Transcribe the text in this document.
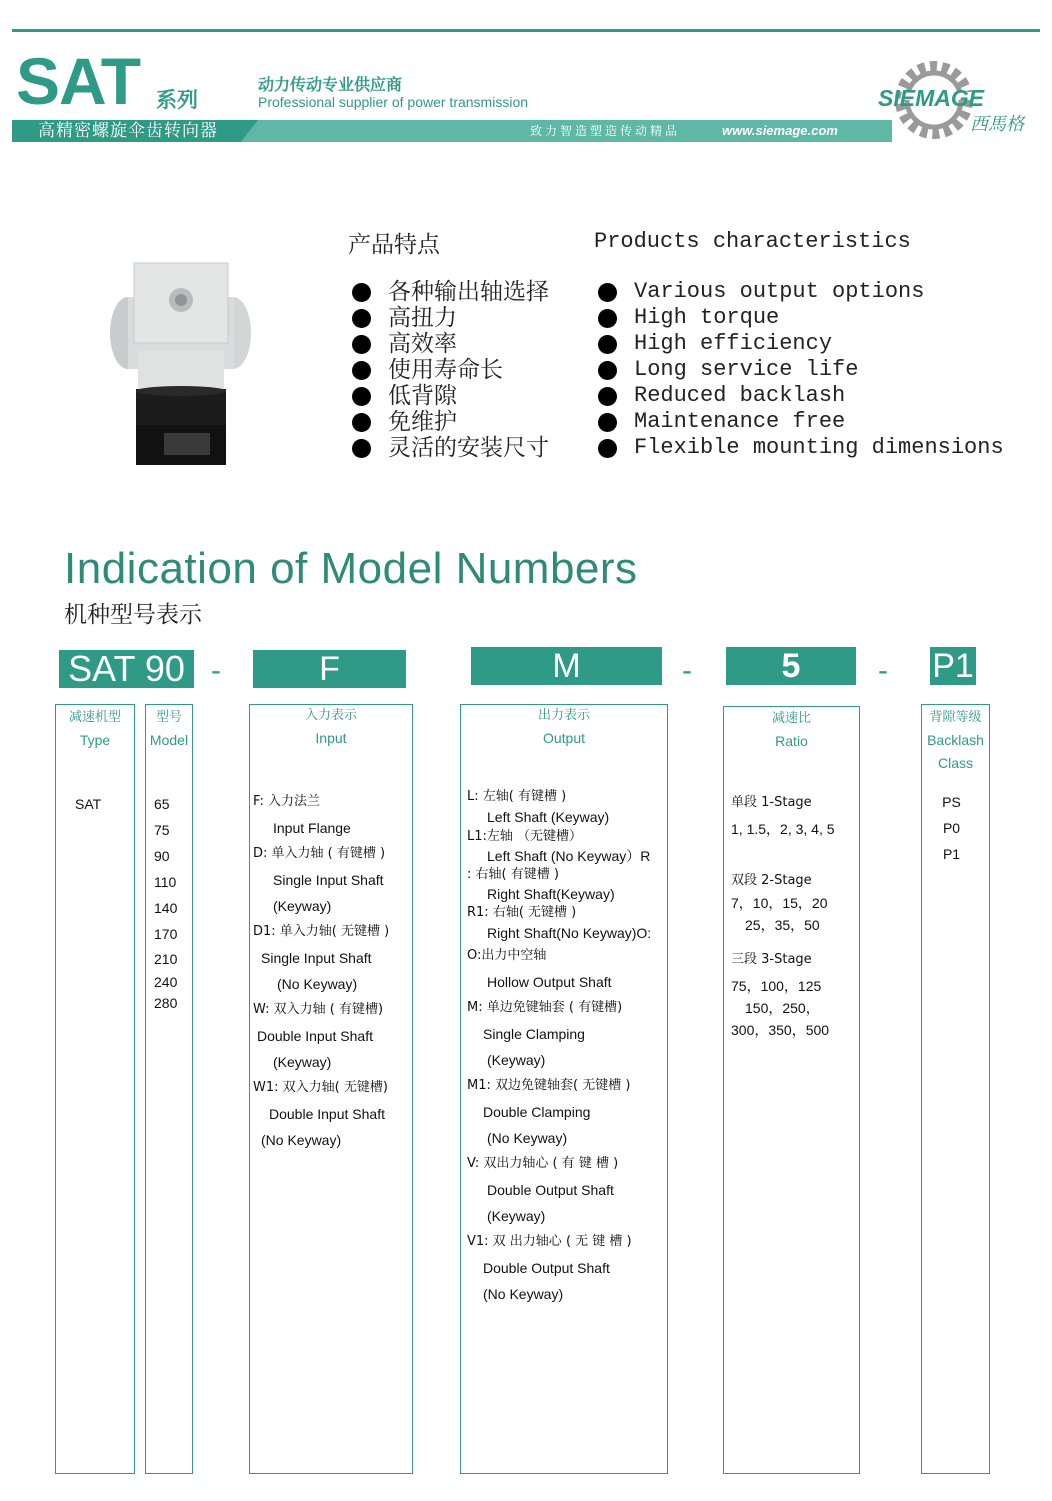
SAT 系列
动力传动专业供应商
Professional supplier of power transmission
高精密螺旋伞齿转向器	致力智造塑造传动精品	www.siemage.com
SIEMAGE
西馬格
产品特点	Products characteristics
各种输出轴选择
高扭力
高效率
使用寿命长
低背隙
免维护
灵活的安装尺寸
Various output options
High torque
High efficiency
Long service life
Reduced backlash
Maintenance free
Flexible mounting dimensions
Indication of Model Numbers
机种型号表示
SAT 90 -	F	M	-	5	- P1
减速机型
Type
SAT
型号
Model
65
75
90
110
140
170
210
240
280
入力表示
Input
F: 入力法兰
Input Flange
D: 单入力轴 ( 有键槽 )
Single Input Shaft
(Keyway)
D1: 单入力轴( 无键槽 )
Single Input Shaft
(No Keyway)
W: 双入力轴 ( 有键槽)
Double Input Shaft
(Keyway)
W1: 双入力轴( 无键槽)
Double Input Shaft
(No Keyway)
出力表示
Output
L: 左轴( 有键槽 )
Left Shaft (Keyway)
L1:左轴 （无键槽）
Left Shaft (No Keyway）R
: 右轴( 有键槽 )
Right Shaft(Keyway)
R1: 右轴( 无键槽 )
Right Shaft(No Keyway)O:
O:出力中空轴
Hollow Output Shaft
M: 单边免键轴套 ( 有键槽)
Single Clamping
(Keyway)
M1: 双边免键轴套( 无键槽 )
Double Clamping
(No Keyway)
V: 双出力轴心 ( 有 键 槽 )
Double Output Shaft
(Keyway)
V1: 双 出力轴心 ( 无 键 槽 )
Double Output Shaft
(No Keyway)
减速比
Ratio
单段 1-Stage
1, 1.5，2, 3, 4, 5
双段 2-Stage
7，10，15，20
25，35，50
三段 3-Stage
75，100，125
150，250，
300，350，500
背隙等级
Backlash
Class
PS
P0
P1
